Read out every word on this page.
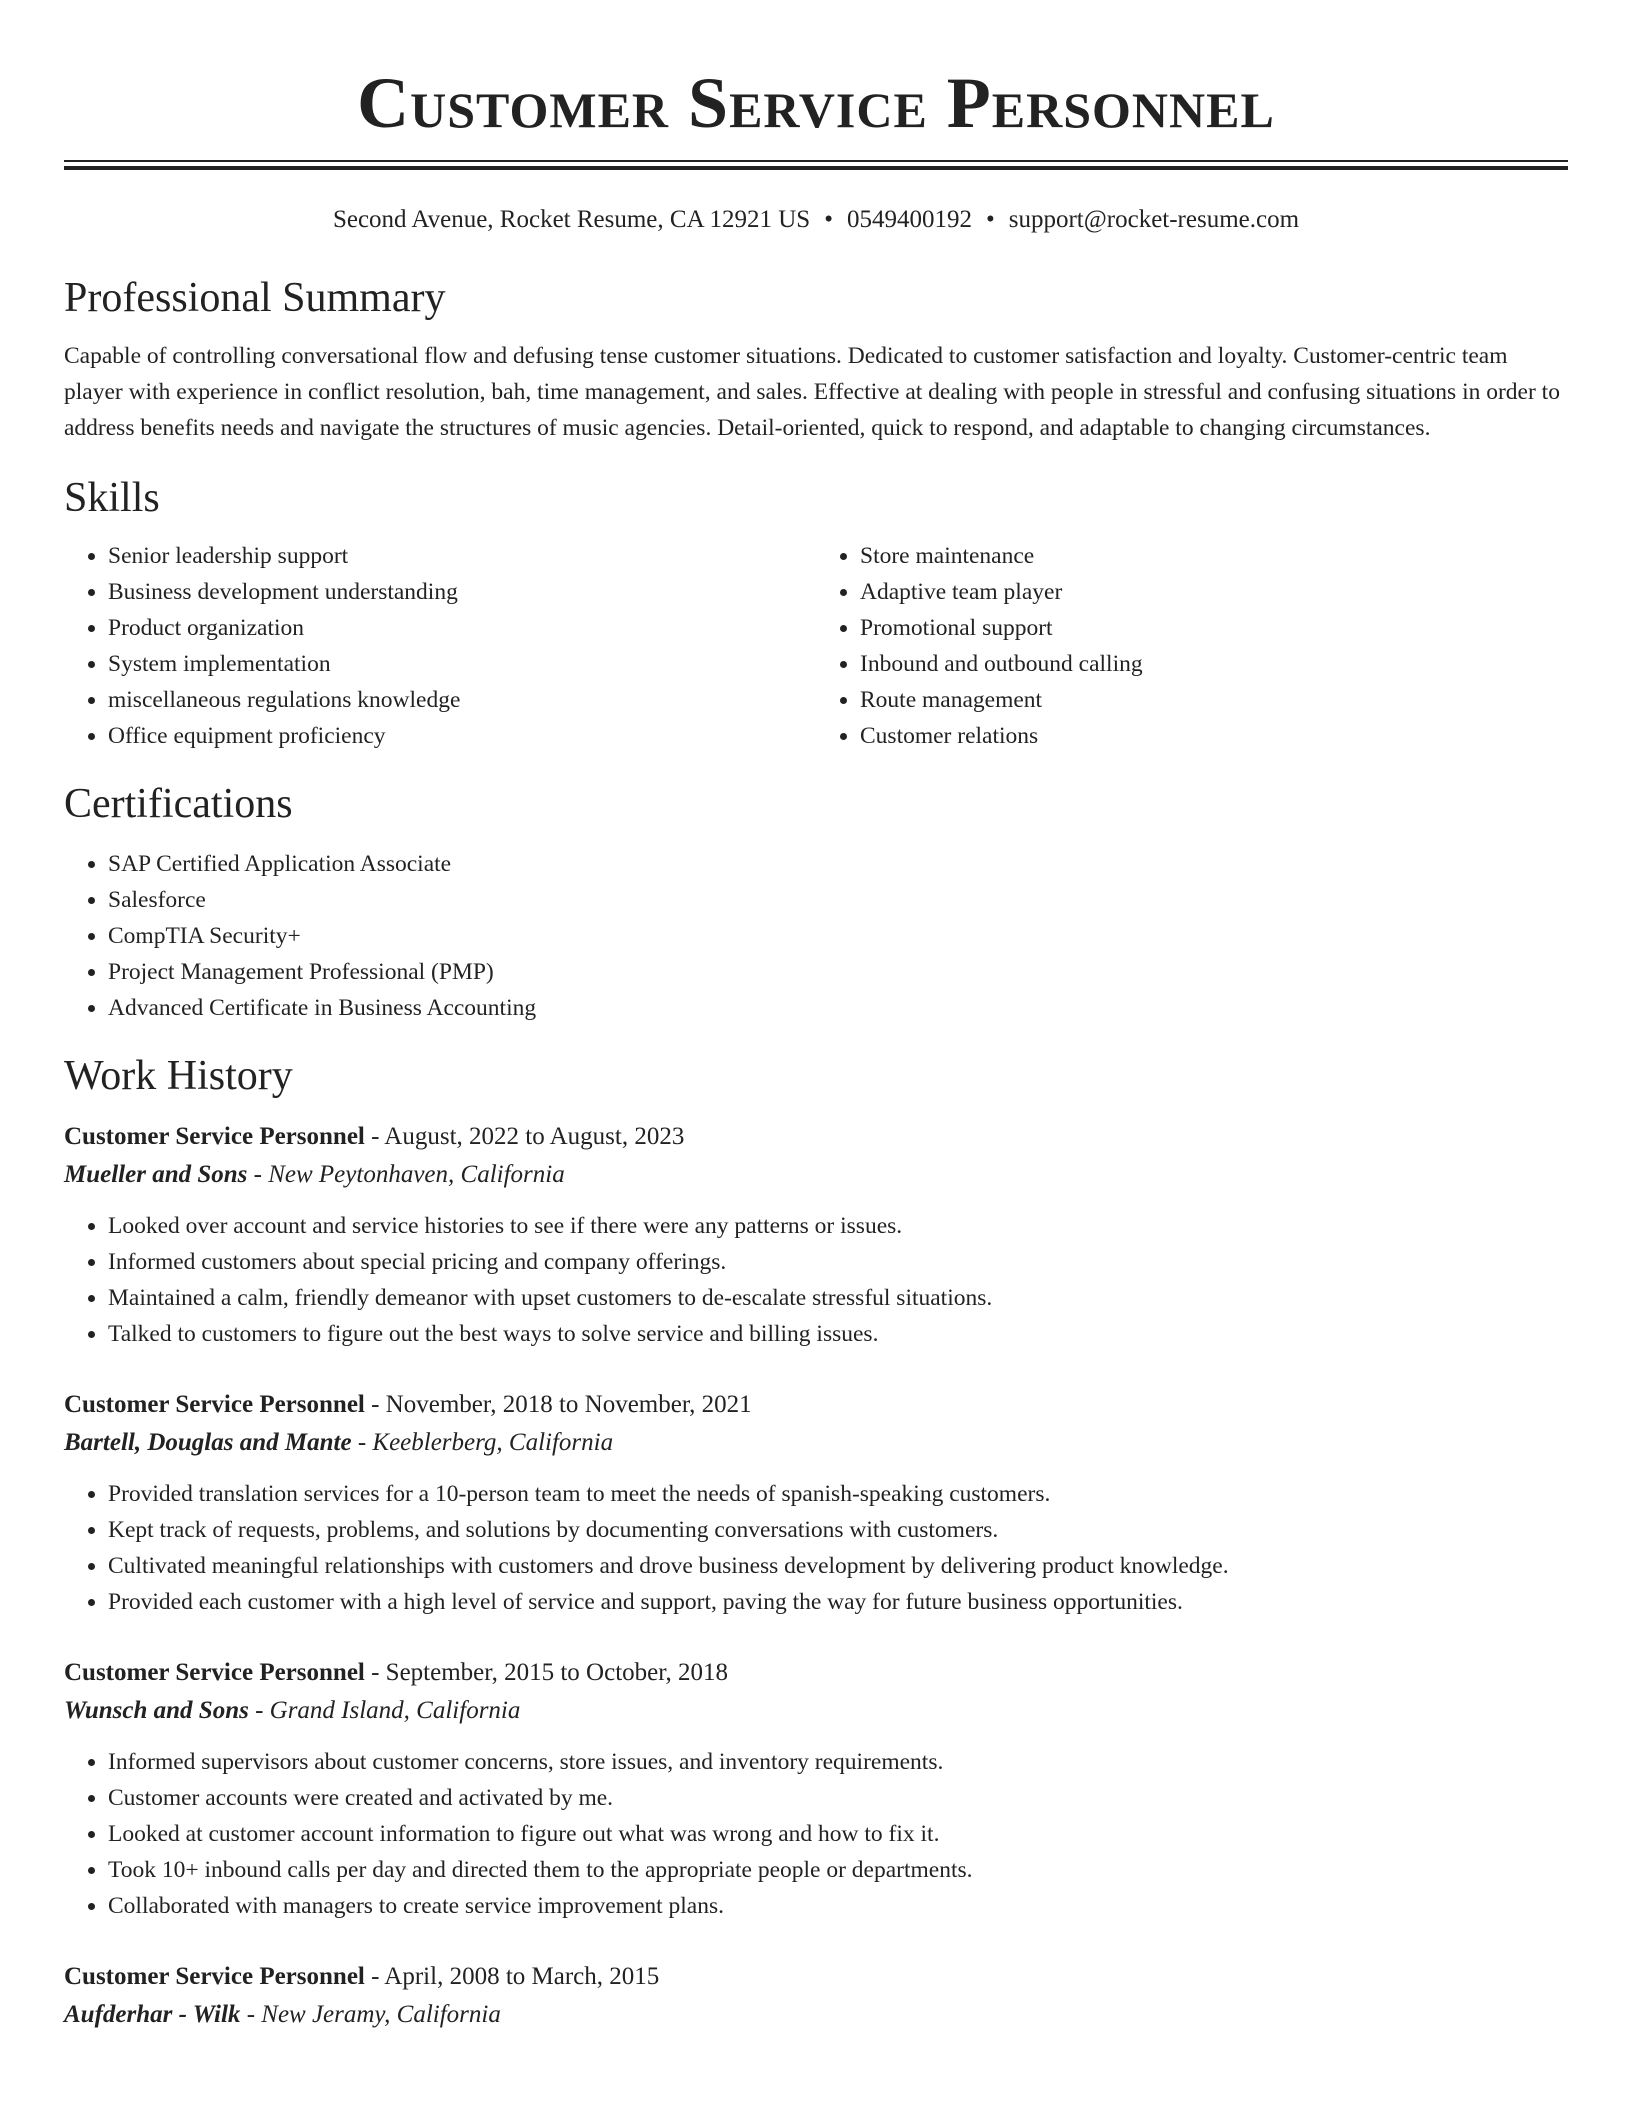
Customer Service Personnel
Second Avenue, Rocket Resume, CA 12921 US • 0549400192 • support@rocket-resume.com
Professional Summary

Capable of controlling conversational flow and defusing tense customer situations. Dedicated to customer satisfaction and loyalty. Customer-centric team player with experience in conflict resolution, bah, time management, and sales. Effective at dealing with people in stressful and confusing situations in order to address benefits needs and navigate the structures of music agencies. Detail-oriented, quick to respond, and adaptable to changing circumstances.

Skills
• Senior leadership support
• Business development understanding
• Product organization
• System implementation
• miscellaneous regulations knowledge
• Office equipment proficiency
• Store maintenance
• Adaptive team player
• Promotional support
• Inbound and outbound calling
• Route management
• Customer relations
Certifications
• SAP Certified Application Associate
• Salesforce
• CompTIA Security+
• Project Management Professional (PMP)
• Advanced Certificate in Business Accounting
Work History
Customer Service Personnel - August, 2022 to August, 2023
Mueller and Sons - New Peytonhaven, California
• Looked over account and service histories to see if there were any patterns or issues.
• Informed customers about special pricing and company offerings.
• Maintained a calm, friendly demeanor with upset customers to de-escalate stressful situations.
• Talked to customers to figure out the best ways to solve service and billing issues.
Customer Service Personnel - November, 2018 to November, 2021
Bartell, Douglas and Mante - Keeblerberg, California
• Provided translation services for a 10-person team to meet the needs of spanish-speaking customers.
• Kept track of requests, problems, and solutions by documenting conversations with customers.
• Cultivated meaningful relationships with customers and drove business development by delivering product knowledge.
• Provided each customer with a high level of service and support, paving the way for future business opportunities.
Customer Service Personnel - September, 2015 to October, 2018
Wunsch and Sons - Grand Island, California
• Informed supervisors about customer concerns, store issues, and inventory requirements.
• Customer accounts were created and activated by me.
• Looked at customer account information to figure out what was wrong and how to fix it.
• Took 10+ inbound calls per day and directed them to the appropriate people or departments.
• Collaborated with managers to create service improvement plans.
Customer Service Personnel - April, 2008 to March, 2015
Aufderhar - Wilk - New Jeramy, California
